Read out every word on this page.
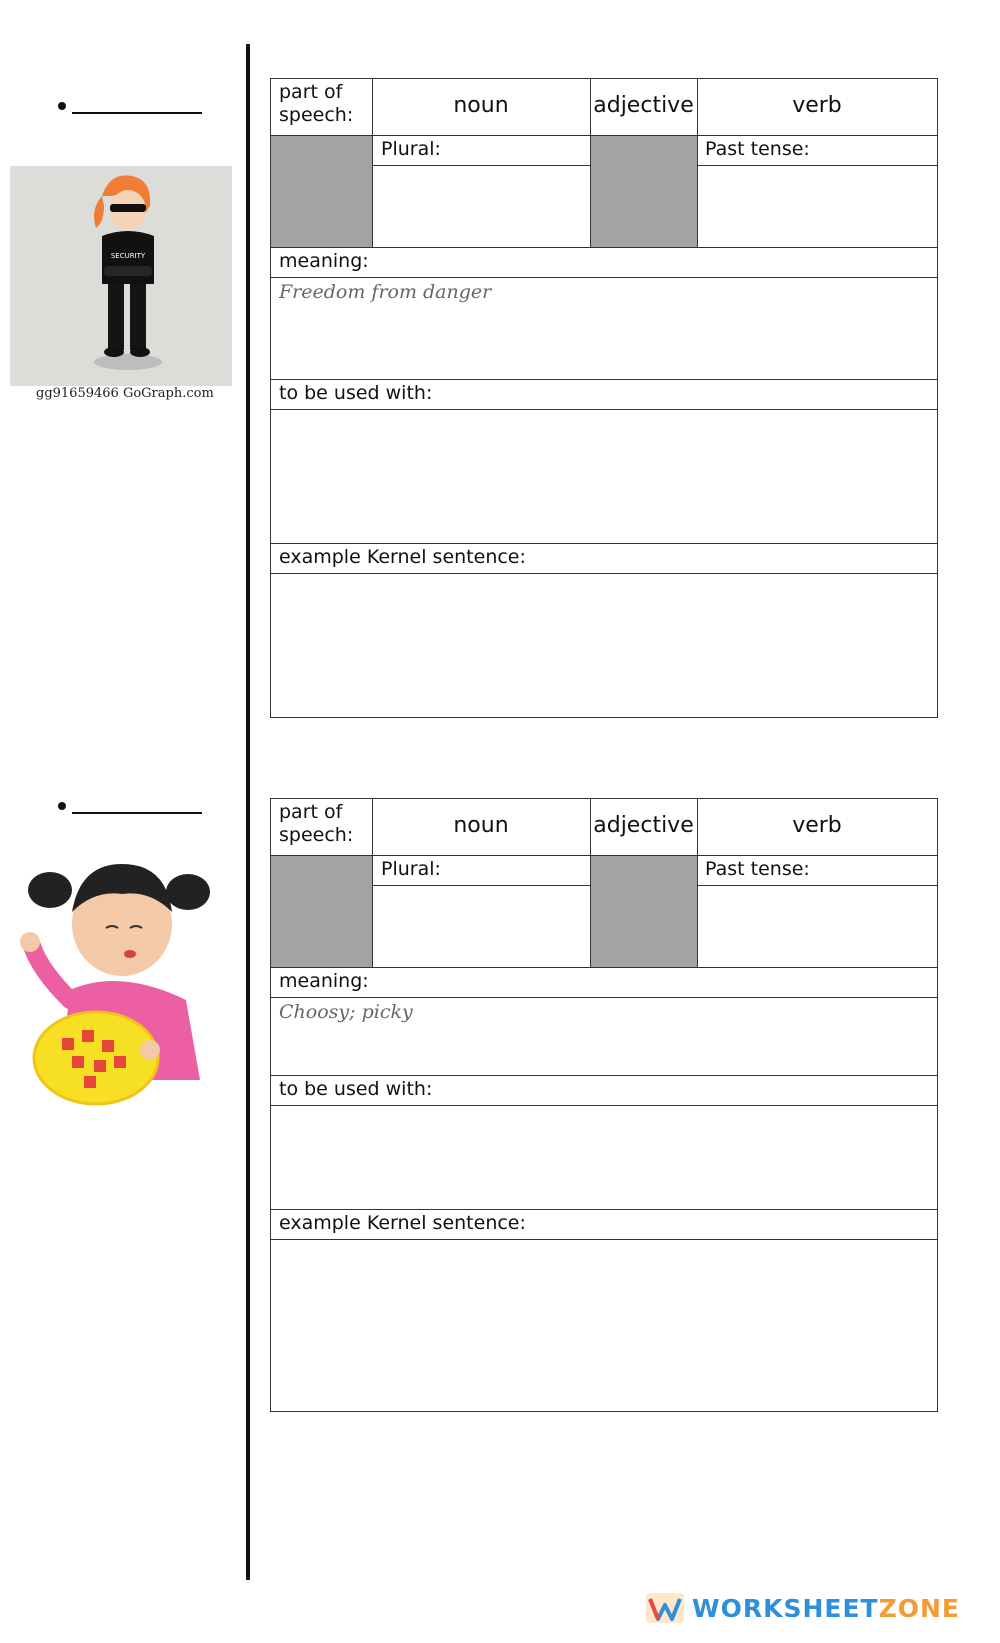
SECURITY
gg91659466 GoGraph.com
part of speech:	noun	adjective	verb
Plural:	Past tense:
meaning:
Freedom from danger
to be used with:
example Kernel sentence:
part of speech:	noun	adjective	verb
Plural:	Past tense:
meaning:
Choosy; picky
to be used with:
example Kernel sentence:
WORKSHEETZONE
